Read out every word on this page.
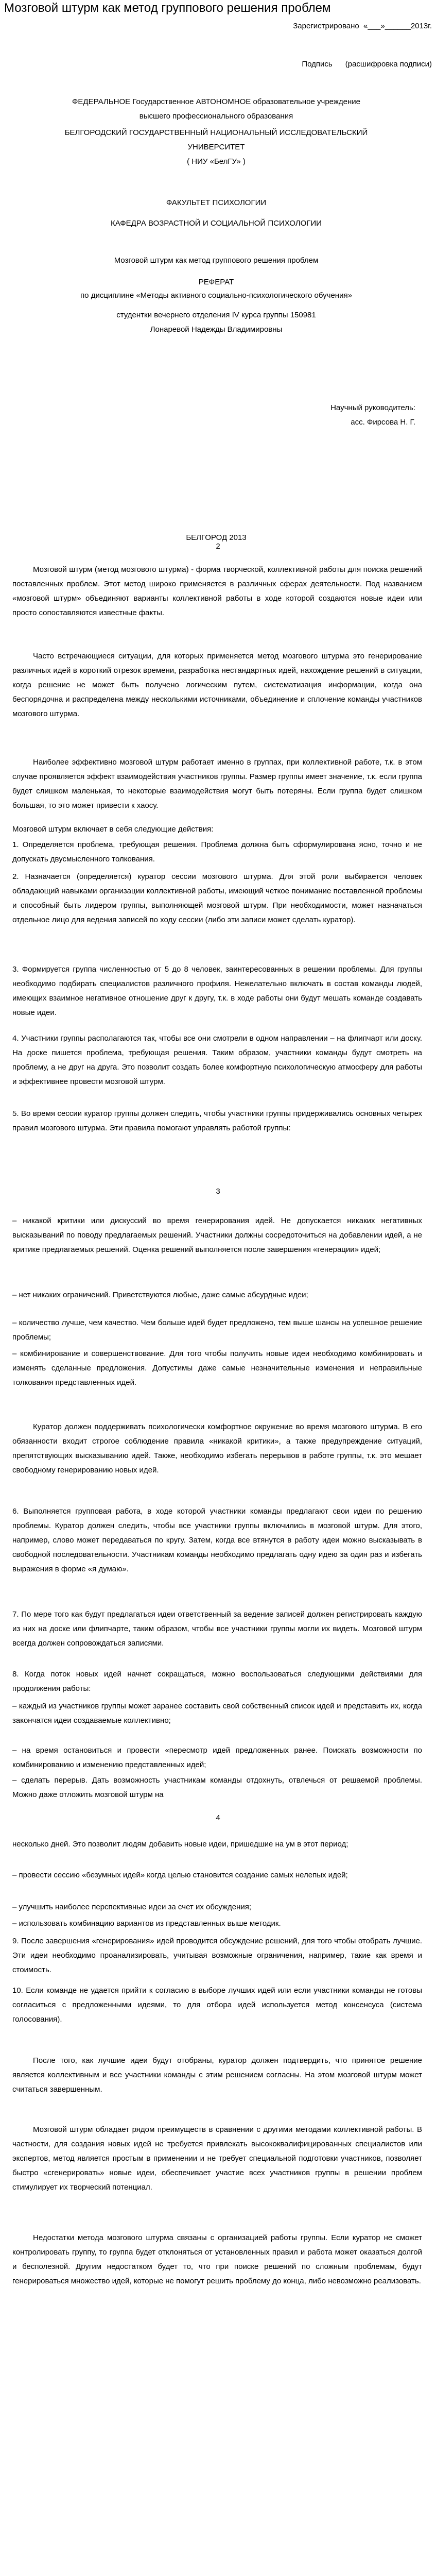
Мозговой штурм как метод группового решения проблем
Зарегистрировано  «___»______2013г.
Подпись      (расшифровка подписи)
ФЕДЕРАЛЬНОЕ Государственное АВТОНОМНОЕ образовательное учреждение
высшего профессионального образования
БЕЛГОРОДСКИЙ ГОСУДАРСТВЕННЫЙ НАЦИОНАЛЬНЫЙ ИССЛЕДОВАТЕЛЬСКИЙ
УНИВЕРСИТЕТ
( НИУ «БелГУ» )
ФАКУЛЬТЕТ ПСИХОЛОГИИ
КАФЕДРА ВОЗРАСТНОЙ И СОЦИАЛЬНОЙ ПСИХОЛОГИИ
Мозговой штурм как метод группового решения проблем
РЕФЕРАТ
по дисциплине «Методы активного социально-психологического обучения»
студентки вечернего отделения IV курса группы 150981
Лонаревой Надежды Владимировны
Научный руководитель:
асс. Фирсова Н. Г.
БЕЛГОРОД 2013
2

Мозговой штурм (метод мозгового штурма) - форма творческой, коллективной работы для поиска решений поставленных проблем. Этот метод широко применяется в различных сферах деятельности. Под названием «мозговой штурм» объединяют варианты коллективной работы в ходе которой создаются новые идеи или просто сопоставляются известные факты.

Часто встречающиеся ситуации, для которых применяется метод мозгового штурма это генерирование различных идей в короткий отрезок времени, разработка нестандартных идей, нахождение решений в ситуации, когда решение не может быть получено логическим путем, систематизация информации, когда она беспорядочна и распределена между несколькими источниками, объединение и сплочение команды участников мозгового штурма.

Наиболее эффективно мозговой штурм работает именно в группах, при коллективной работе, т.к. в этом случае проявляется эффект взаимодействия участников группы. Размер группы имеет значение, т.к. если группа будет слишком маленькая, то некоторые взаимодействия могут быть потеряны. Если группа будет слишком большая, то это может привести к хаосу.

Мозговой штурм включает в себя следующие действия:

1. Определяется проблема, требующая решения. Проблема должна быть сформулирована ясно, точно и не допускать двусмысленного толкования.

2. Назначается (определяется) куратор сессии мозгового штурма. Для этой роли выбирается человек обладающий навыками организации коллективной работы, имеющий четкое понимание поставленной проблемы и способный быть лидером группы, выполняющей мозговой штурм. При необходимости, может назначаться отдельное лицо для ведения записей по ходу сессии (либо эти записи может сделать куратор).

3. Формируется группа численностью от 5 до 8 человек, заинтересованных в решении проблемы. Для группы необходимо подбирать специалистов различного профиля. Нежелательно включать в состав команды людей, имеющих взаимное негативное отношение друг к другу, т.к. в ходе работы они будут мешать команде создавать новые идеи.

4. Участники группы располагаются так, чтобы все они смотрели в одном направлении – на флипчарт или доску. На доске пишется проблема, требующая решения. Таким образом, участники команды будут смотреть на проблему, а не друг на друга. Это позволит создать более комфортную психологическую атмосферу для работы и эффективнее провести мозговой штурм.

5. Во время сессии куратор группы должен следить, чтобы участники группы придерживались основных четырех правил мозгового штурма. Эти правила помогают управлять работой группы:

3

– никакой критики или дискуссий во время генерирования идей. Не допускается никаких негативных высказываний по поводу предлагаемых решений. Участники должны сосредоточиться на добавлении идей, а не критике предлагаемых решений. Оценка решений выполняется после завершения «генерации» идей;

– нет никаких ограничений. Приветствуются любые, даже самые абсурдные идеи;

– количество лучше, чем качество. Чем больше идей будет предложено, тем выше шансы на успешное решение проблемы;

– комбинирование и совершенствование. Для того чтобы получить новые идеи необходимо комбинировать и изменять сделанные предложения. Допустимы даже самые незначительные изменения и неправильные толкования представленных идей.

Куратор должен поддерживать психологически комфортное окружение во время мозгового штурма. В его обязанности входит строгое соблюдение правила «никакой критики», а также предупреждение ситуаций, препятствующих высказыванию идей. Также, необходимо избегать перерывов в работе группы, т.к. это мешает свободному генерированию новых идей.

6. Выполняется групповая работа, в ходе которой участники команды предлагают свои идеи по решению проблемы. Куратор должен следить, чтобы все участники группы включились в мозговой штурм. Для этого, например, слово может передаваться по кругу. Затем, когда все втянутся в работу идеи можно высказывать в свободной последовательности. Участникам команды необходимо предлагать одну идею за один раз и избегать выражения в форме «я думаю».

7. По мере того как будут предлагаться идеи ответственный за ведение записей должен регистрировать каждую из них на доске или флипчарте, таким образом, чтобы все участники группы могли их видеть. Мозговой штурм всегда должен сопровождаться записями.

8. Когда поток новых идей начнет сокращаться, можно воспользоваться следующими действиями для продолжения работы:

– каждый из участников группы может заранее составить свой собственный список идей и представить их, когда закончатся идеи создаваемые коллективно;

– на время остановиться и провести «пересмотр идей предложенных ранее. Поискать возможности по комбинированию и изменению представленных идей;

– сделать перерыв. Дать возможность участникам команды отдохнуть, отвлечься от решаемой проблемы. Можно даже отложить мозговой штурм на

4

несколько дней. Это позволит людям добавить новые идеи, пришедшие на ум в этот период;

– провести сессию «безумных идей» когда целью становится создание самых нелепых идей;

– улучшить наиболее перспективные идеи за счет их обсуждения;

– использовать комбинацию вариантов из представленных выше методик.

9. После завершения «генерирования» идей проводится обсуждение решений, для того чтобы отобрать лучшие. Эти идеи необходимо проанализировать, учитывая возможные ограничения, например, такие как время и стоимость.

10. Если команде не удается прийти к согласию в выборе лучших идей или если участники команды не готовы согласиться с предложенными идеями, то для отбора идей используется метод консенсуса (система голосования).

После того, как лучшие идеи будут отобраны, куратор должен подтвердить, что принятое решение является коллективным и все участники команды с этим решением согласны. На этом мозговой штурм может считаться завершенным.

Мозговой штурм обладает рядом преимуществ в сравнении с другими методами коллективной работы. В частности, для создания новых идей не требуется привлекать высококвалифицированных специалистов или экспертов, метод является простым в применении и не требует специальной подготовки участников, позволяет быстро «сгенерировать» новые идеи, обеспечивает участие всех участников группы в решении проблем стимулирует их творческий потенциал.

Недостатки метода мозгового штурма связаны с организацией работы группы. Если куратор не сможет контролировать группу, то группа будет отклоняться от установленных правил и работа может оказаться долгой и бесполезной. Другим недостатком будет то, что при поиске решений по сложным проблемам, будут генерироваться множество идей, которые не помогут решить проблему до конца, либо невозможно реализовать.
